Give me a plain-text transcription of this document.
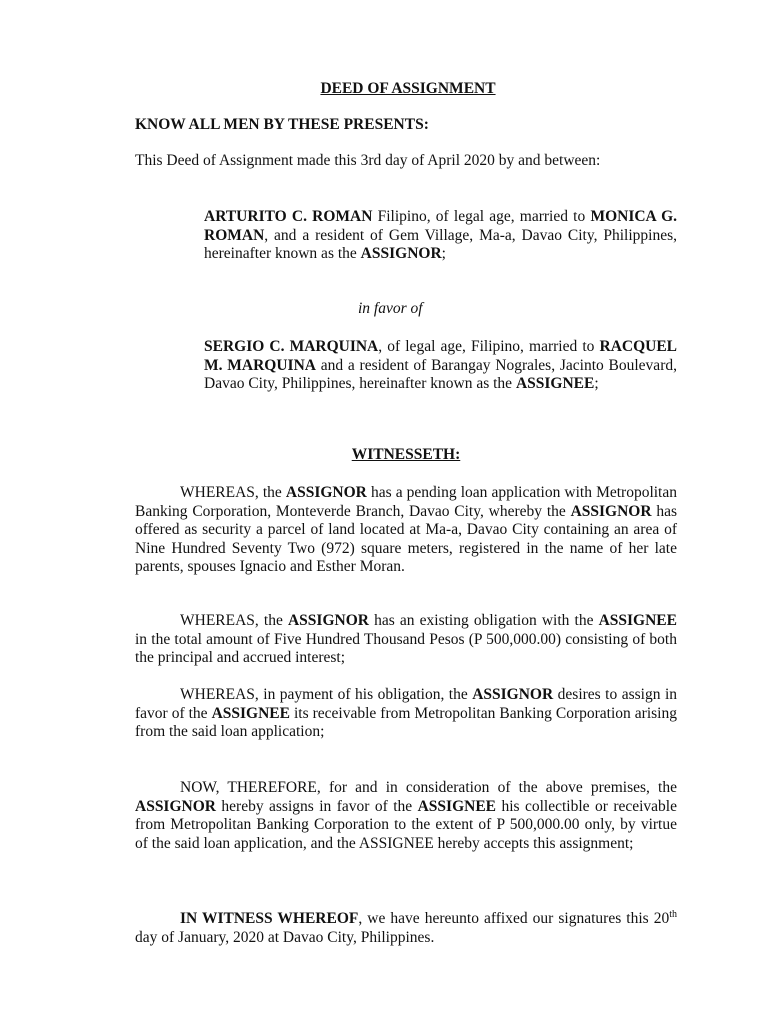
DEED OF ASSIGNMENT
KNOW ALL MEN BY THESE PRESENTS:
This Deed of Assignment made this 3rd day of April 2020 by and between:
ARTURITO C. ROMAN Filipino, of legal age, married to MONICA G. ROMAN, and a resident of Gem Village, Ma-a, Davao City, Philippines, hereinafter known as the ASSIGNOR;
in favor of
SERGIO C. MARQUINA, of legal age, Filipino, married to RACQUEL M. MARQUINA and a resident of Barangay Nograles, Jacinto Boulevard, Davao City, Philippines, hereinafter known as the ASSIGNEE;
WITNESSETH:
WHEREAS, the ASSIGNOR has a pending loan application with Metropolitan Banking Corporation, Monteverde Branch, Davao City, whereby the ASSIGNOR has offered as security a parcel of land located at Ma-a, Davao City containing an area of Nine Hundred Seventy Two (972) square meters, registered in the name of her late parents, spouses Ignacio and Esther Moran.
WHEREAS, the ASSIGNOR has an existing obligation with the ASSIGNEE in the total amount of Five Hundred Thousand Pesos (P 500,000.00) consisting of both the principal and accrued interest;
WHEREAS, in payment of his obligation, the ASSIGNOR desires to assign in favor of the ASSIGNEE its receivable from Metropolitan Banking Corporation arising from the said loan application;
NOW, THEREFORE, for and in consideration of the above premises, the ASSIGNOR hereby assigns in favor of the ASSIGNEE his collectible or receivable from Metropolitan Banking Corporation to the extent of P 500,000.00 only, by virtue of the said loan application, and the ASSIGNEE hereby accepts this assignment;
IN WITNESS WHEREOF, we have hereunto affixed our signatures this 20th day of January, 2020 at Davao City, Philippines.
